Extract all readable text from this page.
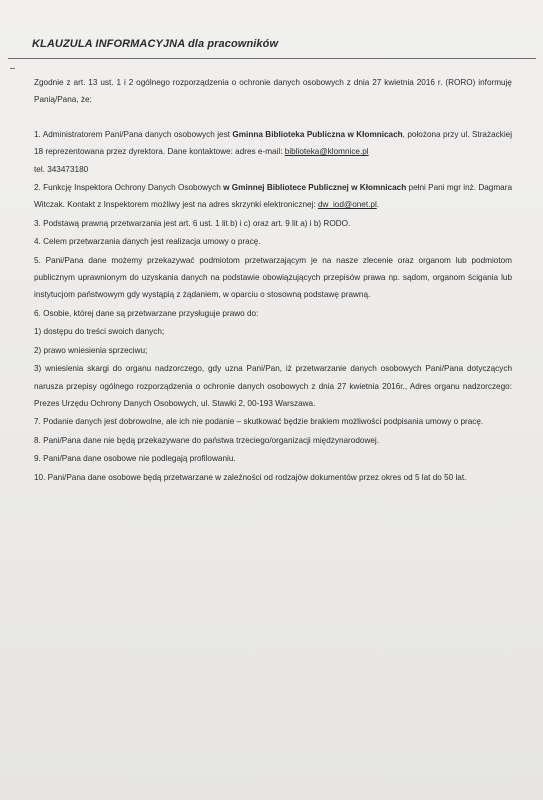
KLAUZULA INFORMACYJNA dla pracowników

Zgodnie z art. 13 ust. 1 i 2 ogólnego rozporządzenia o ochronie danych osobowych z dnia 27 kwietnia 2016 r. (RORO) informuję Panią/Pana, że:

1. Administratorem Pani/Pana danych osobowych jest Gminna Biblioteka Publiczna w Kłomnicach, położona przy ul. Strażackiej 18 reprezentowana przez dyrektora. Dane kontaktowe: adres e-mail: biblioteka@klomnice.pl

tel. 343473180

2. Funkcję Inspektora Ochrony Danych Osobowych w Gminnej Bibliotece Publicznej w Kłomnicach pełni Pani mgr inż. Dagmara Witczak. Kontakt z Inspektorem możliwy jest na adres skrzynki elektronicznej: dw_iod@onet.pl.

3. Podstawą prawną przetwarzania jest art. 6 ust. 1 lit b) i c) oraz art. 9 lit a) i b) RODO.

4. Celem przetwarzania danych jest realizacja umowy o pracę.

5. Pani/Pana dane możemy przekazywać podmiotom przetwarzającym je na nasze zlecenie oraz organom lub podmiotom publicznym uprawnionym do uzyskania danych na podstawie obowiązujących przepisów prawa np. sądom, organom ścigania lub instytucjom państwowym gdy wystąpią z żądaniem, w oparciu o stosowną podstawę prawną.

6. Osobie, której dane są przetwarzane przysługuje prawo do:

1) dostępu do treści swoich danych;

2) prawo wniesienia sprzeciwu;

3) wniesienia skargi do organu nadzorczego, gdy uzna Pani/Pan, iż przetwarzanie danych osobowych Pani/Pana dotyczących narusza przepisy ogólnego rozporządzenia o ochronie danych osobowych z dnia 27 kwietnia 2016r., Adres organu nadzorczego: Prezes Urzędu Ochrony Danych Osobowych, ul. Stawki 2, 00-193 Warszawa.

7. Podanie danych jest dobrowolne, ale ich nie podanie – skutkować będzie brakiem możliwości podpisania umowy o pracę.

8. Pani/Pana dane nie będą przekazywane do państwa trzeciego/organizacji międzynarodowej.

9. Pani/Pana dane osobowe nie podlegają profilowaniu.

10. Pani/Pana dane osobowe będą przetwarzane w zależności od rodzajów dokumentów przez okres od 5 lat do 50 lat.
